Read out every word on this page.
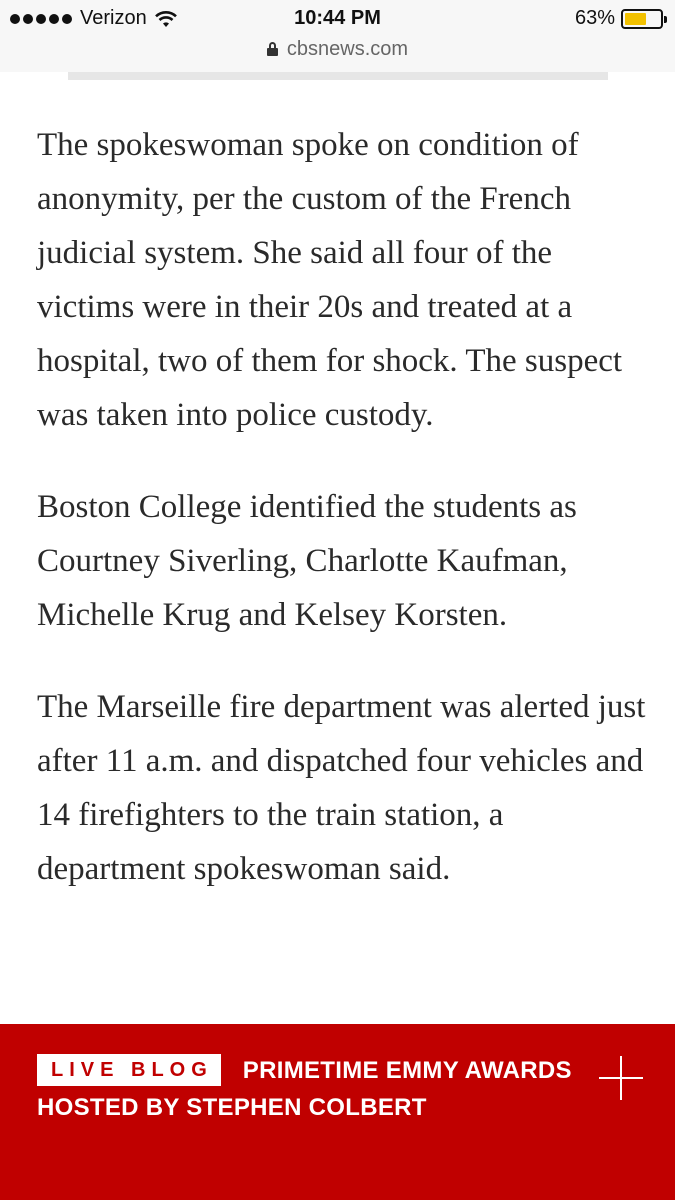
Verizon	10:44 PM	63%
cbsnews.com

The spokeswoman spoke on condition of anonymity, per the custom of the French judicial system. She said all four of the victims were in their 20s and treated at a hospital, two of them for shock. The suspect was taken into police custody.

Boston College identified the students as Courtney Siverling, Charlotte Kaufman, Michelle Krug and Kelsey Korsten.

The Marseille fire department was alerted just after 11 a.m. and dispatched four vehicles and 14 firefighters to the train station, a department spokeswoman said.

LIVE BLOG PRIMETIME EMMY AWARDS HOSTED BY STEPHEN COLBERT
